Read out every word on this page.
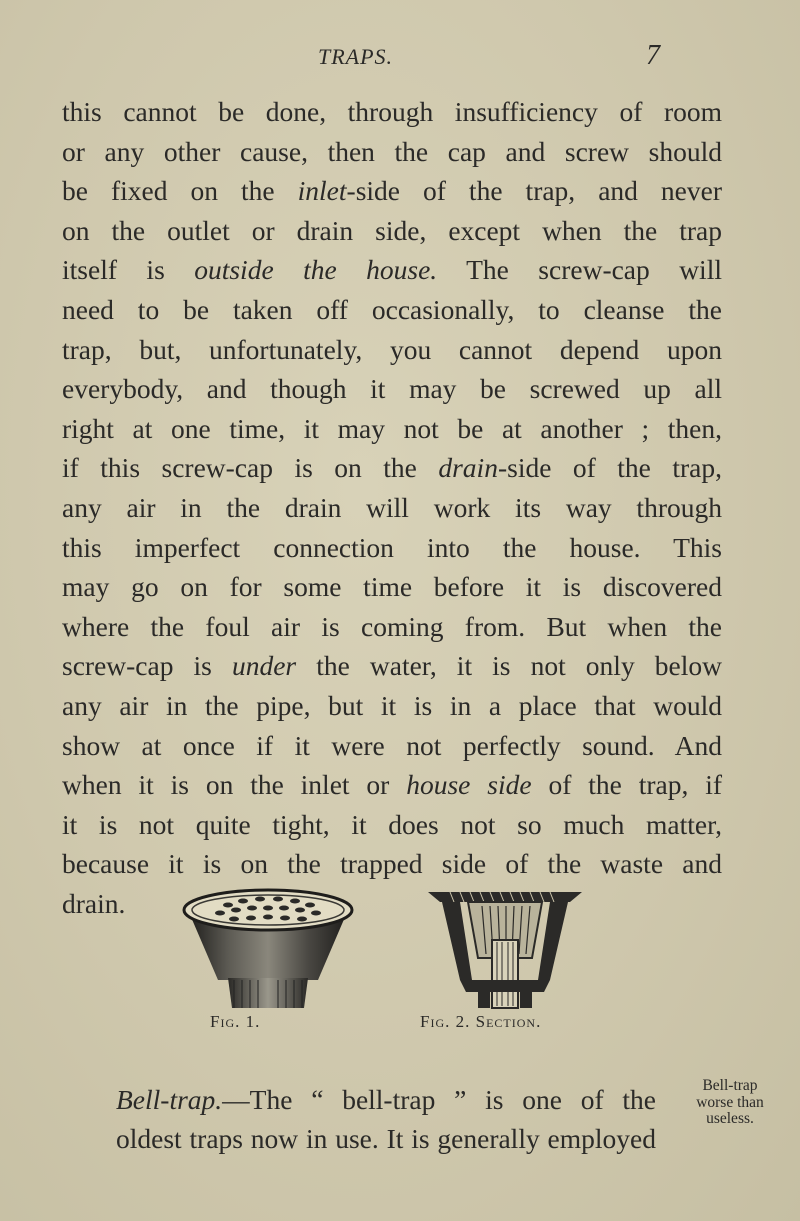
TRAPS.	7
this cannot be done, through insufficiency of room
or any other cause, then the cap and screw should
be fixed on the inlet-side of the trap, and never
on the outlet or drain side, except when the trap
itself is outside the house. The screw-cap will
need to be taken off occasionally, to cleanse the
trap, but, unfortunately, you cannot depend upon
everybody, and though it may be screwed up all
right at one time, it may not be at another ; then,
if this screw-cap is on the drain-side of the trap,
any air in the drain will work its way through
this imperfect connection into the house. This
may go on for some time before it is discovered
where the foul air is coming from. But when the
screw-cap is under the water, it is not only below
any air in the pipe, but it is in a place that would
show at once if it were not perfectly sound. And
when it is on the inlet or house side of the trap, if
it is not quite tight, it does not so much matter,
because it is on the trapped side of the waste and
drain.
Fig. 1.	Fig. 2. Section.
Bell-trap.—The “ bell-trap ” is one of the
oldest traps now in use. It is generally employed
Bell-trap
worse than
useless.
